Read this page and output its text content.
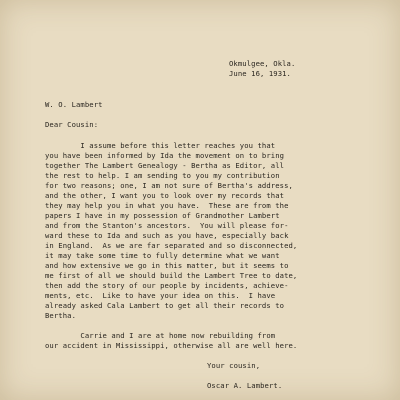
Okmulgee, Okla.
June 16, 1931.
W. O. Lambert
Dear Cousin:
I assume before this letter reaches you that
you have been informed by Ida the movement on to bring
together The Lambert Genealogy - Bertha as Editor, all
the rest to help. I am sending to you my contribution
for two reasons; one, I am not sure of Bertha's address,
and the other, I want you to look over my records that
they may help you in what you have.  These are from the
papers I have in my possession of Grandmother Lambert
and from the Stanton's ancestors.  You will please for-
ward these to Ida and such as you have, especially back
in England.  As we are far separated and so disconnected,
it may take some time to fully determine what we want
and how extensive we go in this matter, but it seems to
me first of all we should build the Lambert Tree to date,
then add the story of our people by incidents, achieve-
ments, etc.  Like to have your idea on this.  I have
already asked Cala Lambert to get all their records to
Bertha.
Carrie and I are at home now rebuilding from
our accident in Mississippi, otherwise all are well here.
Your cousin,
Oscar A. Lambert.
